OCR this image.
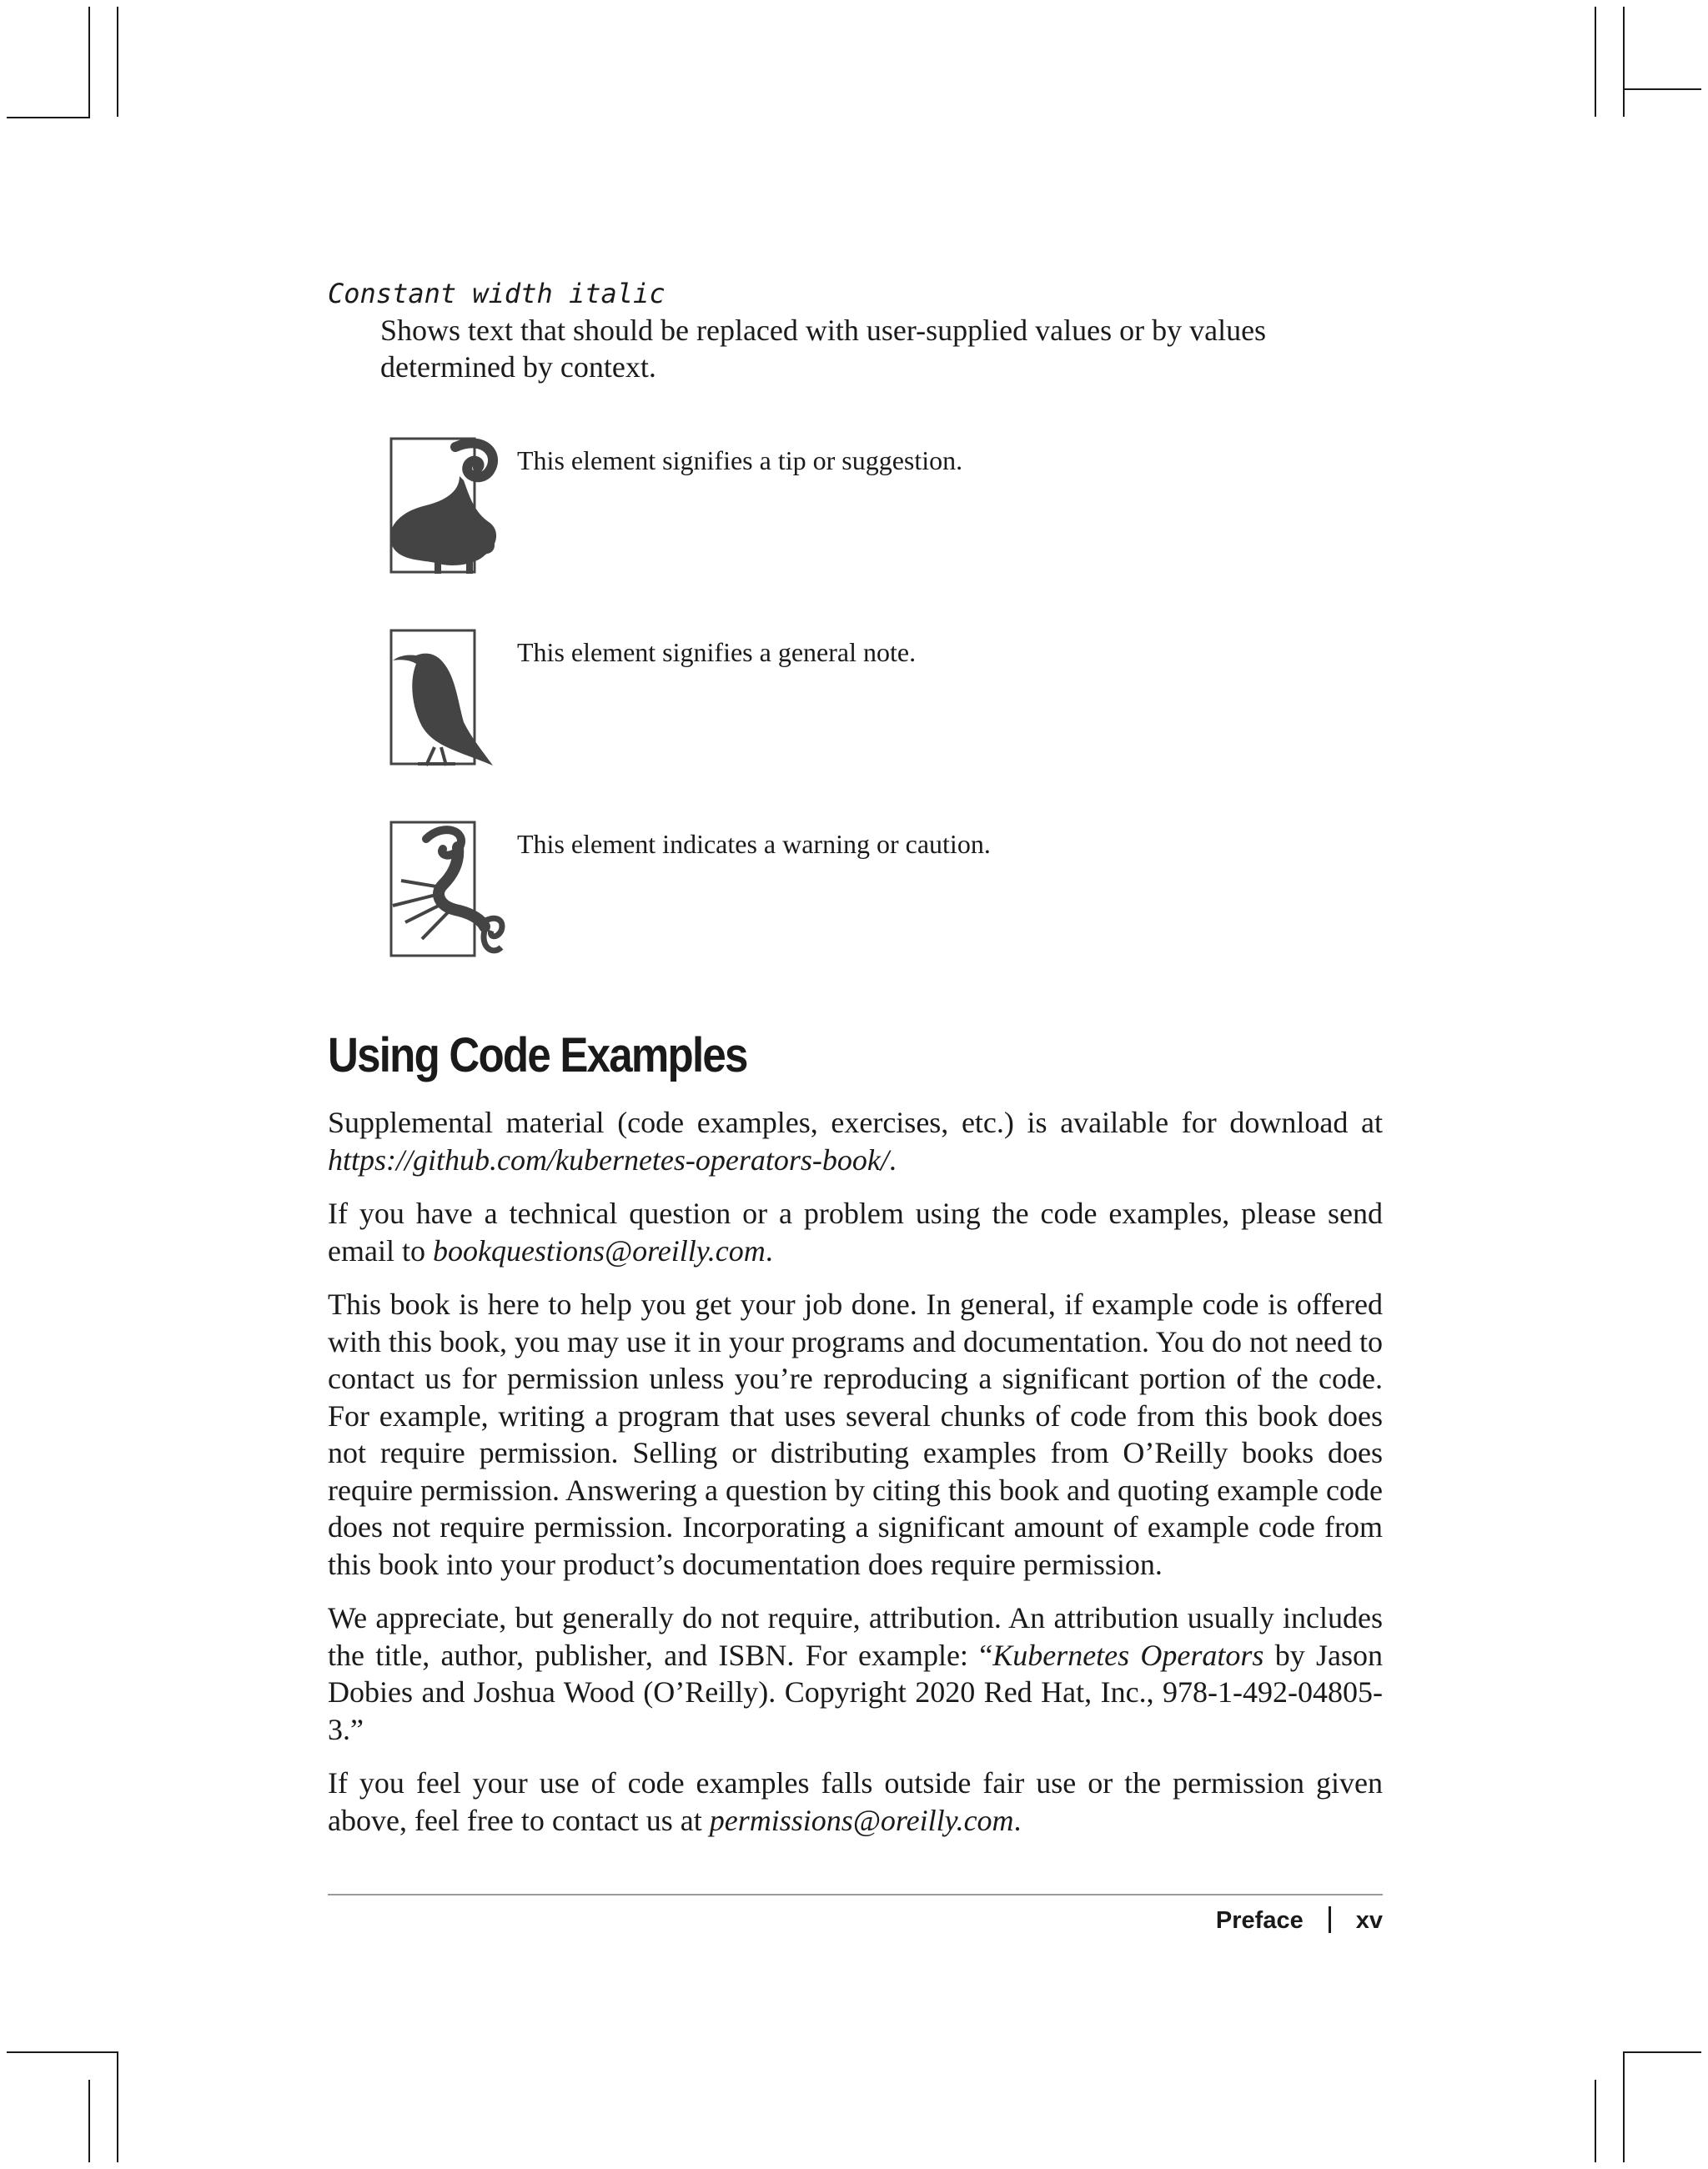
Constant width italic

Shows text that should be replaced with user-supplied values or by values determined by context.

This element signifies a tip or suggestion.
This element signifies a general note.
This element indicates a warning or caution.
Using Code Examples

Supplemental material (code examples, exercises, etc.) is available for download at https://github.com/kubernetes-operators-book/.

If you have a technical question or a problem using the code examples, please send email to bookquestions@oreilly.com.

This book is here to help you get your job done. In general, if example code is offered with this book, you may use it in your programs and documentation. You do not need to contact us for permission unless you’re reproducing a significant portion of the code. For example, writing a program that uses several chunks of code from this book does not require permission. Selling or distributing examples from O’Reilly books does require permission. Answering a question by citing this book and quoting example code does not require permission. Incorporating a significant amount of example code from this book into your product’s documentation does require permission.

We appreciate, but generally do not require, attribution. An attribution usually includes the title, author, publisher, and ISBN. For example: “Kubernetes Operators by Jason Dobies and Joshua Wood (O’Reilly). Copyright 2020 Red Hat, Inc., 978-1-492-04805-3.”

If you feel your use of code examples falls outside fair use or the permission given above, feel free to contact us at permissions@oreilly.com.

Preface xv
